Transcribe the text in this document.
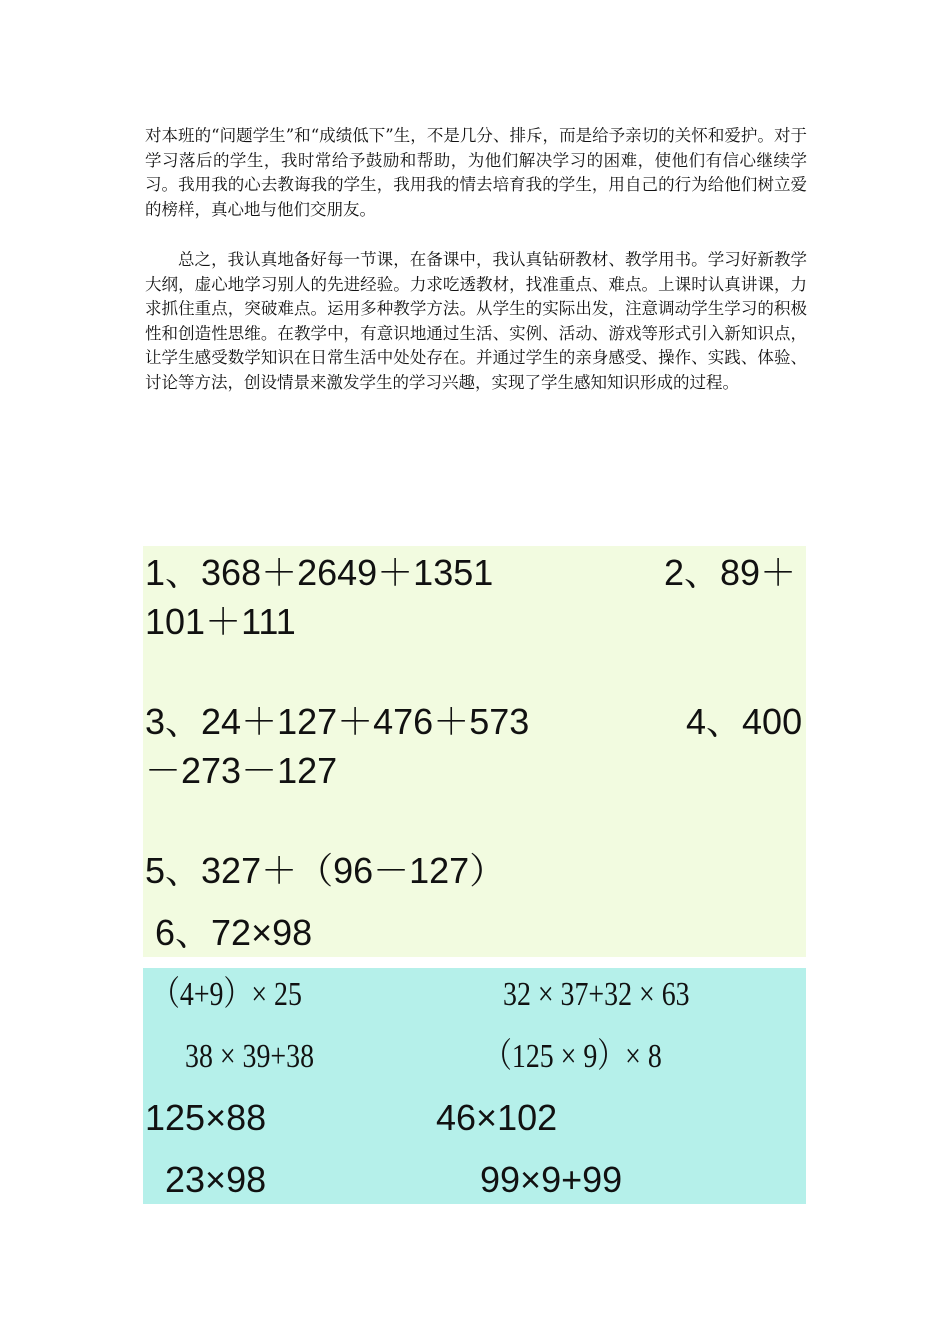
对本班的“问题学生”和“成绩低下”生，不是几分、排斥，而是给予亲切的关怀和爱护。对于学习落后的学生，我时常给予鼓励和帮助，为他们解决学习的困难，使他们有信心继续学习。我用我的心去教诲我的学生，我用我的情去培育我的学生，用自己的行为给他们树立爱的榜样，真心地与他们交朋友。

总之，我认真地备好每一节课，在备课中，我认真钻研教材、教学用书。学习好新教学大纲，虚心地学习别人的先进经验。力求吃透教材，找准重点、难点。上课时认真讲课，力求抓住重点，突破难点。运用多种教学方法。从学生的实际出发，注意调动学生学习的积极性和创造性思维。在教学中，有意识地通过生活、实例、活动、游戏等形式引入新知识点，让学生感受数学知识在日常生活中处处存在。并通过学生的亲身感受、操作、实践、体验、讨论等方法，创设情景来激发学生的学习兴趣，实现了学生感知知识形成的过程。

1、368＋2649＋1351	2、89＋
101＋111
3、24＋127＋476＋573	4、400
－273－127
5、327＋（96－127）
6、72×98
（4+9）× 25	32 × 37+32 × 63
38 × 39+38	（125 × 9）× 8
125×88	46×102
23×98	99×9+99
